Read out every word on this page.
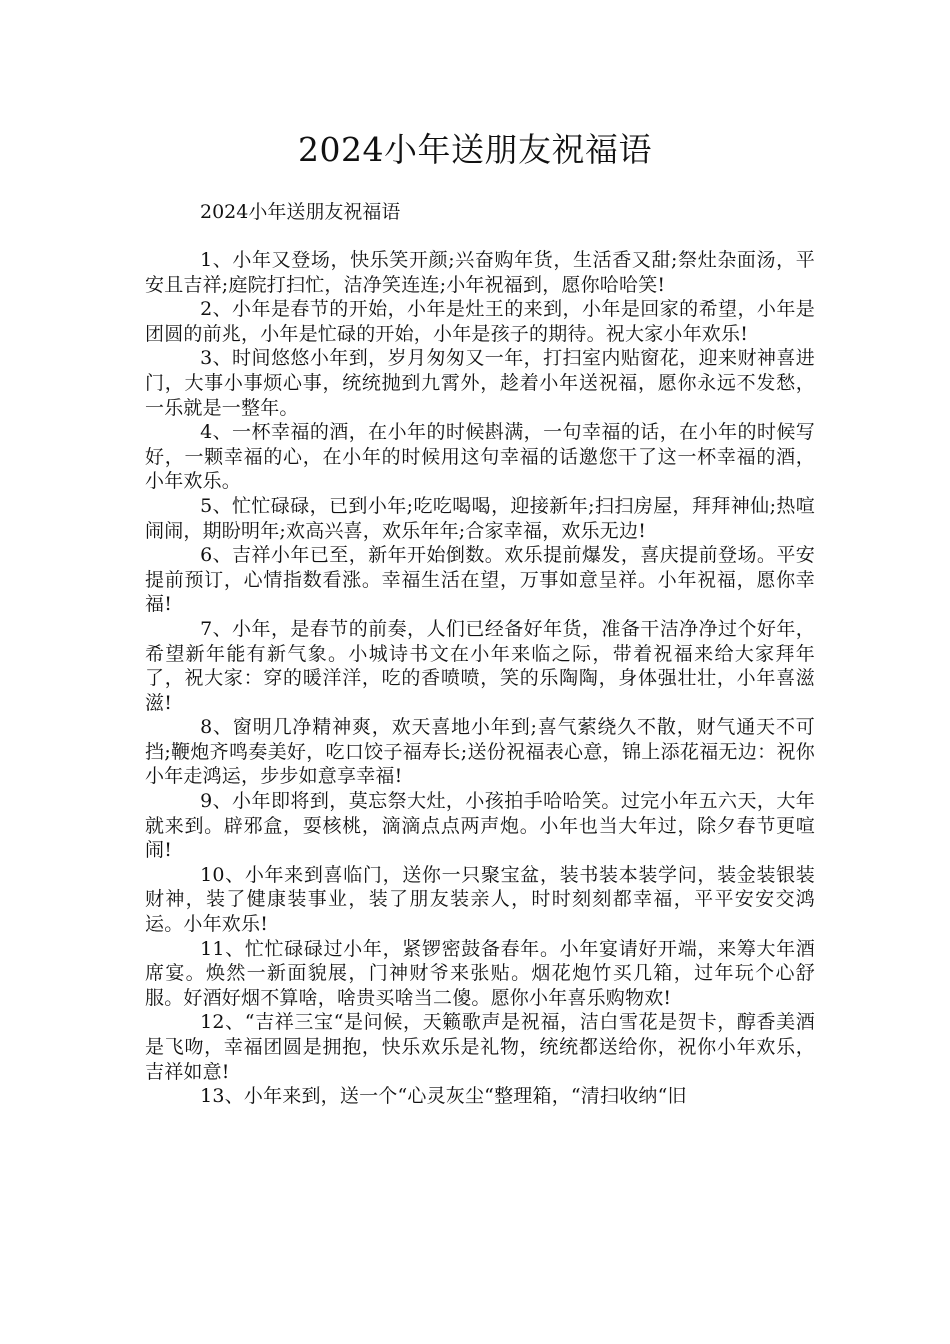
2024小年送朋友祝福语

2024小年送朋友祝福语

1、小年又登场，快乐笑开颜;兴奋购年货，生活香又甜;祭灶杂面汤，平安且吉祥;庭院打扫忙，洁净笑连连;小年祝福到，愿你哈哈笑!

2、小年是春节的开始，小年是灶王的来到，小年是回家的希望，小年是团圆的前兆，小年是忙碌的开始，小年是孩子的期待。祝大家小年欢乐!

3、时间悠悠小年到，岁月匆匆又一年，打扫室内贴窗花，迎来财神喜进门，大事小事烦心事，统统抛到九霄外，趁着小年送祝福，愿你永远不发愁，一乐就是一整年。

4、一杯幸福的酒，在小年的时候斟满，一句幸福的话，在小年的时候写好，一颗幸福的心，在小年的时候用这句幸福的话邀您干了这一杯幸福的酒，小年欢乐。

5、忙忙碌碌，已到小年;吃吃喝喝，迎接新年;扫扫房屋，拜拜神仙;热喧闹闹，期盼明年;欢高兴喜，欢乐年年;合家幸福，欢乐无边!

6、吉祥小年已至，新年开始倒数。欢乐提前爆发，喜庆提前登场。平安提前预订，心情指数看涨。幸福生活在望，万事如意呈祥。小年祝福，愿你幸福!

7、小年，是春节的前奏，人们已经备好年货，准备干洁净净过个好年，希望新年能有新气象。小城诗书文在小年来临之际，带着祝福来给大家拜年了，祝大家：穿的暖洋洋，吃的香喷喷，笑的乐陶陶，身体强壮壮，小年喜滋滋!

8、窗明几净精神爽，欢天喜地小年到;喜气萦绕久不散，财气通天不可挡;鞭炮齐鸣奏美好，吃口饺子福寿长;送份祝福表心意，锦上添花福无边：祝你小年走鸿运，步步如意享幸福!

9、小年即将到，莫忘祭大灶，小孩拍手哈哈笑。过完小年五六天，大年就来到。辟邪盒，耍核桃，滴滴点点两声炮。小年也当大年过，除夕春节更喧闹!

10、小年来到喜临门，送你一只聚宝盆，装书装本装学问，装金装银装财神，装了健康装事业，装了朋友装亲人，时时刻刻都幸福，平平安安交鸿运。小年欢乐!

11、忙忙碌碌过小年，紧锣密鼓备春年。小年宴请好开端，来筹大年酒席宴。焕然一新面貌展，门神财爷来张贴。烟花炮竹买几箱，过年玩个心舒服。好酒好烟不算啥，啥贵买啥当二傻。愿你小年喜乐购物欢!

12、“吉祥三宝“是问候，天籁歌声是祝福，洁白雪花是贺卡，醇香美酒是飞吻，幸福团圆是拥抱，快乐欢乐是礼物，统统都送给你，祝你小年欢乐，吉祥如意!

13、小年来到，送一个“心灵灰尘“整理箱，“清扫收纳“旧
